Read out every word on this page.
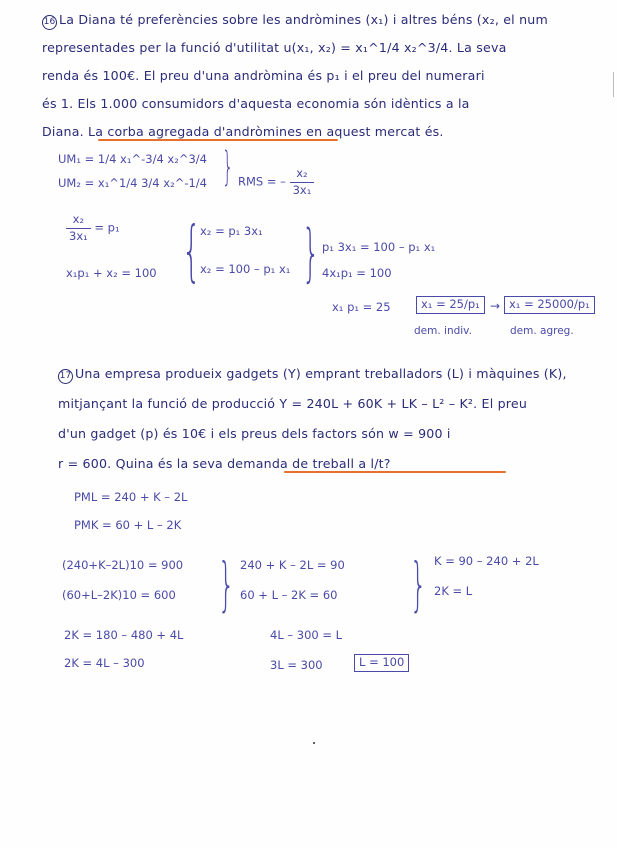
16 La Diana té preferències sobre les andròmines (x₁) i altres béns (x₂, el num
representades per la funció d'utilitat u(x₁, x₂) = x₁^1/4 x₂^3/4. La seva
renda és 100€. El preu d'una andròmina és p₁ i el preu del numerari
és 1. Els 1.000 consumidors d'aquesta economia són idèntics a la
Diana. La corba agregada d'andròmines en aquest mercat és.
UM₁ = 1/4 x₁^-3/4 x₂^3/4
UM₂ = x₁^1/4 3/4 x₂^-1/4 } RMS = – $\frac{\text{x₂}}{\text{3x₁}}$
$\frac{\text{x₂}}{\text{3x₁}} = p_1$
x₁p₁ + x₂ = 100 { x₂ = p₁ 3x₁
x₂ = 100 – p₁ x₁ } p₁ 3x₁ = 100 – p₁ x₁
4x₁p₁ = 100
x₁ p₁ = 25	x₁ = 25/p₁ → x₁ = 25000/p₁
dem. indiv.	dem. agreg.
17 Una empresa produeix gadgets (Y) emprant treballadors (L) i màquines (K),
mitjançant la funció de producció Y = 240L + 60K + LK – L² – K². El preu
d'un gadget (p) és 10€ i els preus dels factors són w = 900 i
r = 600. Quina és la seva demanda de treball a l/t?
PML = 240 + K – 2L
PMK = 60 + L – 2K
(240+K–2L)10 = 900
(60+L–2K)10 = 600 } 240 + K – 2L = 90
60 + L – 2K = 60 } K = 90 – 240 + 2L
2K = L
2K = 180 – 480 + 4L
2K = 4L – 300
4L – 300 = L
3L = 300	L = 100
